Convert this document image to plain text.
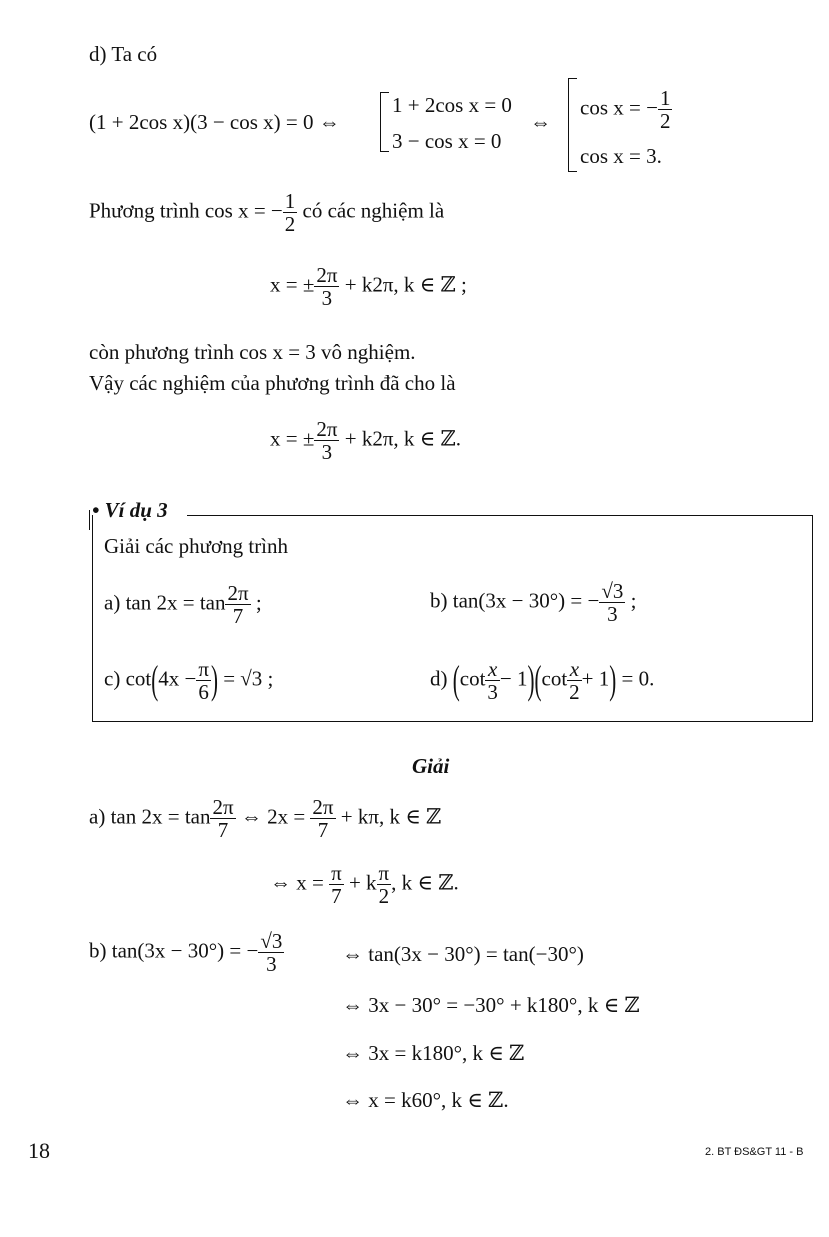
d) Ta có
(1 + 2cos x)(3 − cos x) = 0 ⇔
1 + 2cos x = 0
3 − cos x = 0
⇔
cos x = − $\frac{1}{2}$
cos x = 3.
Phương trình cos x = − $\frac{1}{2}$ có các nghiệm là
x = ± $\frac{2\pi}{3} + k2\pi$, k ∈ ℤ ;
còn phương trình cos x = 3 vô nghiệm.
Vậy các nghiệm của phương trình đã cho là
x = ± $\frac{2\pi}{3} + k2\pi$, k ∈ ℤ.
• Ví dụ 3
Giải các phương trình
a) $\tan 2x = \tan \frac{2\pi}{7}$ ;	b) tan(3x − 30°) = − $\frac{√3}{3}$ ;
c) $\cot(4x - \frac{\pi}{6}$ ) = √3 ;	d) $(\cot \frac{x}{3} - 1)(\cot \frac{x}{2} + 1) = 0$.
Giải
a) $\tan 2x = \tan \frac{2\pi}{7}$ ⇔ $2x = \frac{2\pi}{7} + k\pi$, k ∈ ℤ
⇔ $x = \frac{\pi}{7} + k \frac{\pi}{2}$ , k ∈ ℤ.
b) tan(3x − 30°) = − $\frac{√3}{3}$	⇔ tan(3x − 30°) = tan(−30°)
⇔ 3x − 30° = −30° + k180°, k ∈ ℤ
⇔ 3x = k180°, k ∈ ℤ
⇔ x = k60°, k ∈ ℤ.
18	2. BT ĐS&GT 11 - B
